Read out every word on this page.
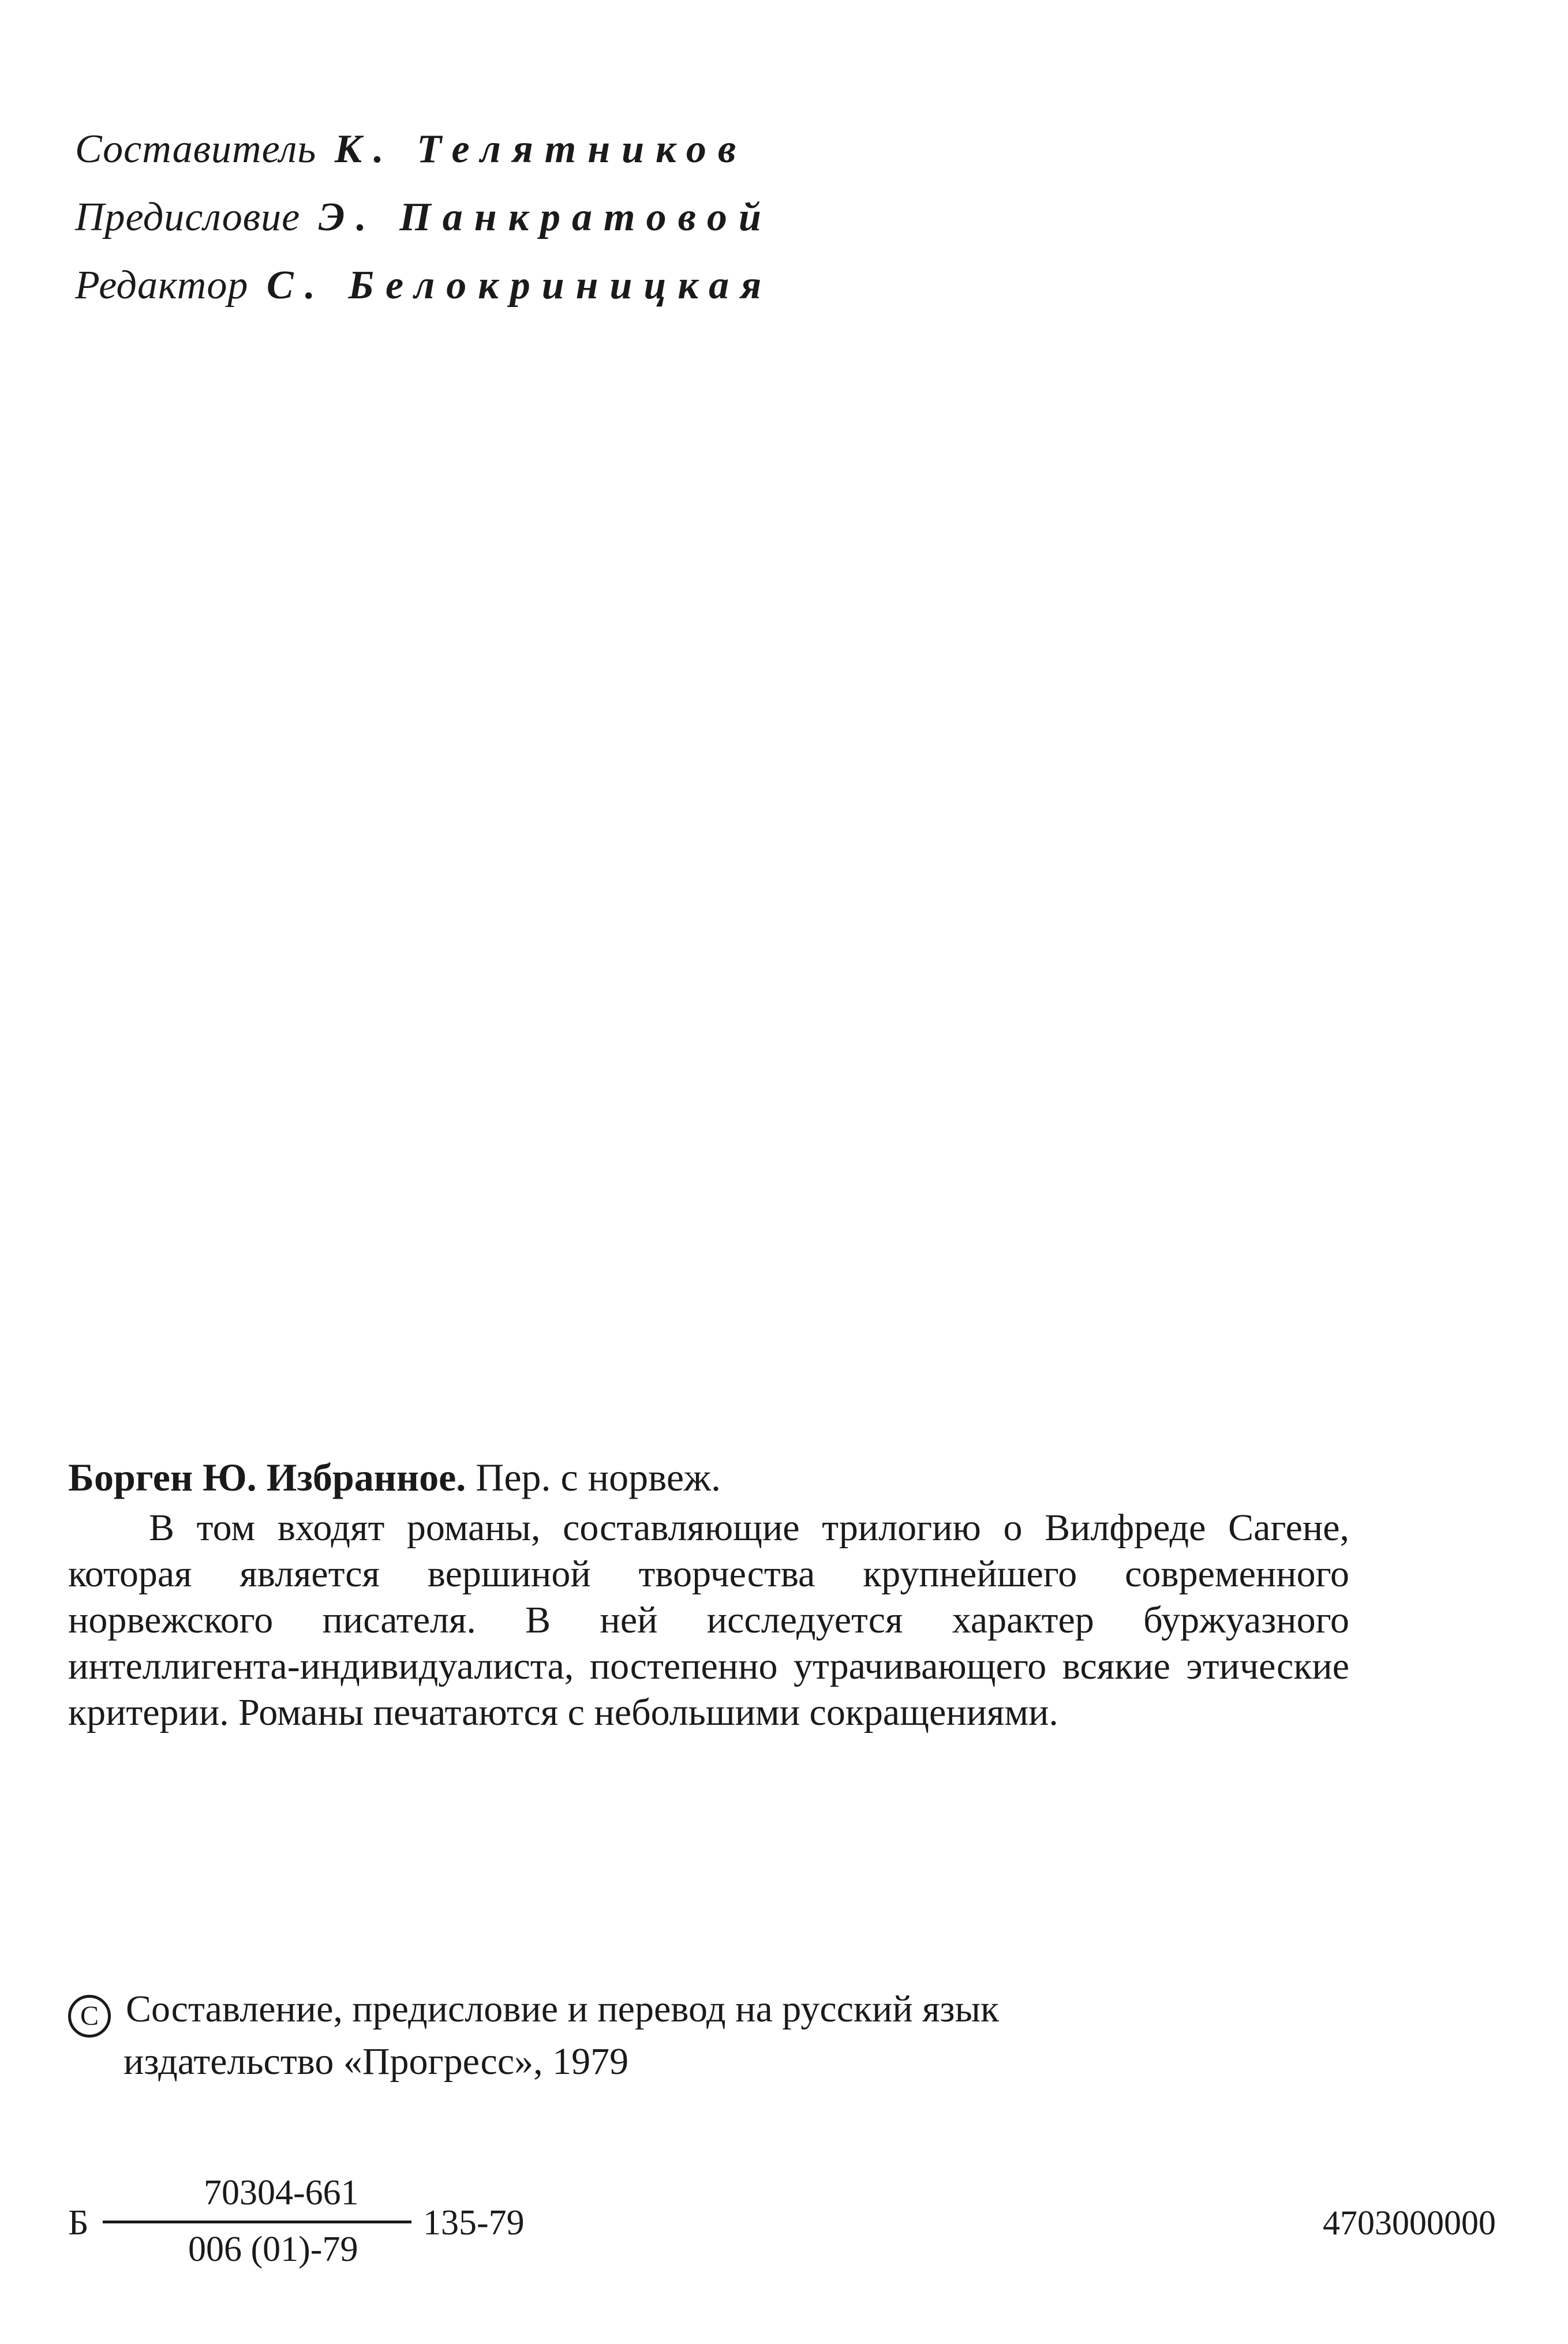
Составитель К. Телятников
Предисловие Э. Панкратовой
Редактор С. Белокриницкая
Борген Ю. Избранное. Пер. с норвеж.
В том входят романы, составляющие трилогию о Вилфреде Сагене, которая является вершиной творчества крупнейшего современного норвежского писателя. В ней исследуется характер буржуазного интеллигента-индивидуалиста, постепенно утрачивающего всякие этические критерии. Романы печатаются с небольшими сокращениями.
C Составление, предисловие и перевод на русский язык
издательство «Прогресс», 1979
Б
70304-661
006 (01)-79
135-79	4703000000
